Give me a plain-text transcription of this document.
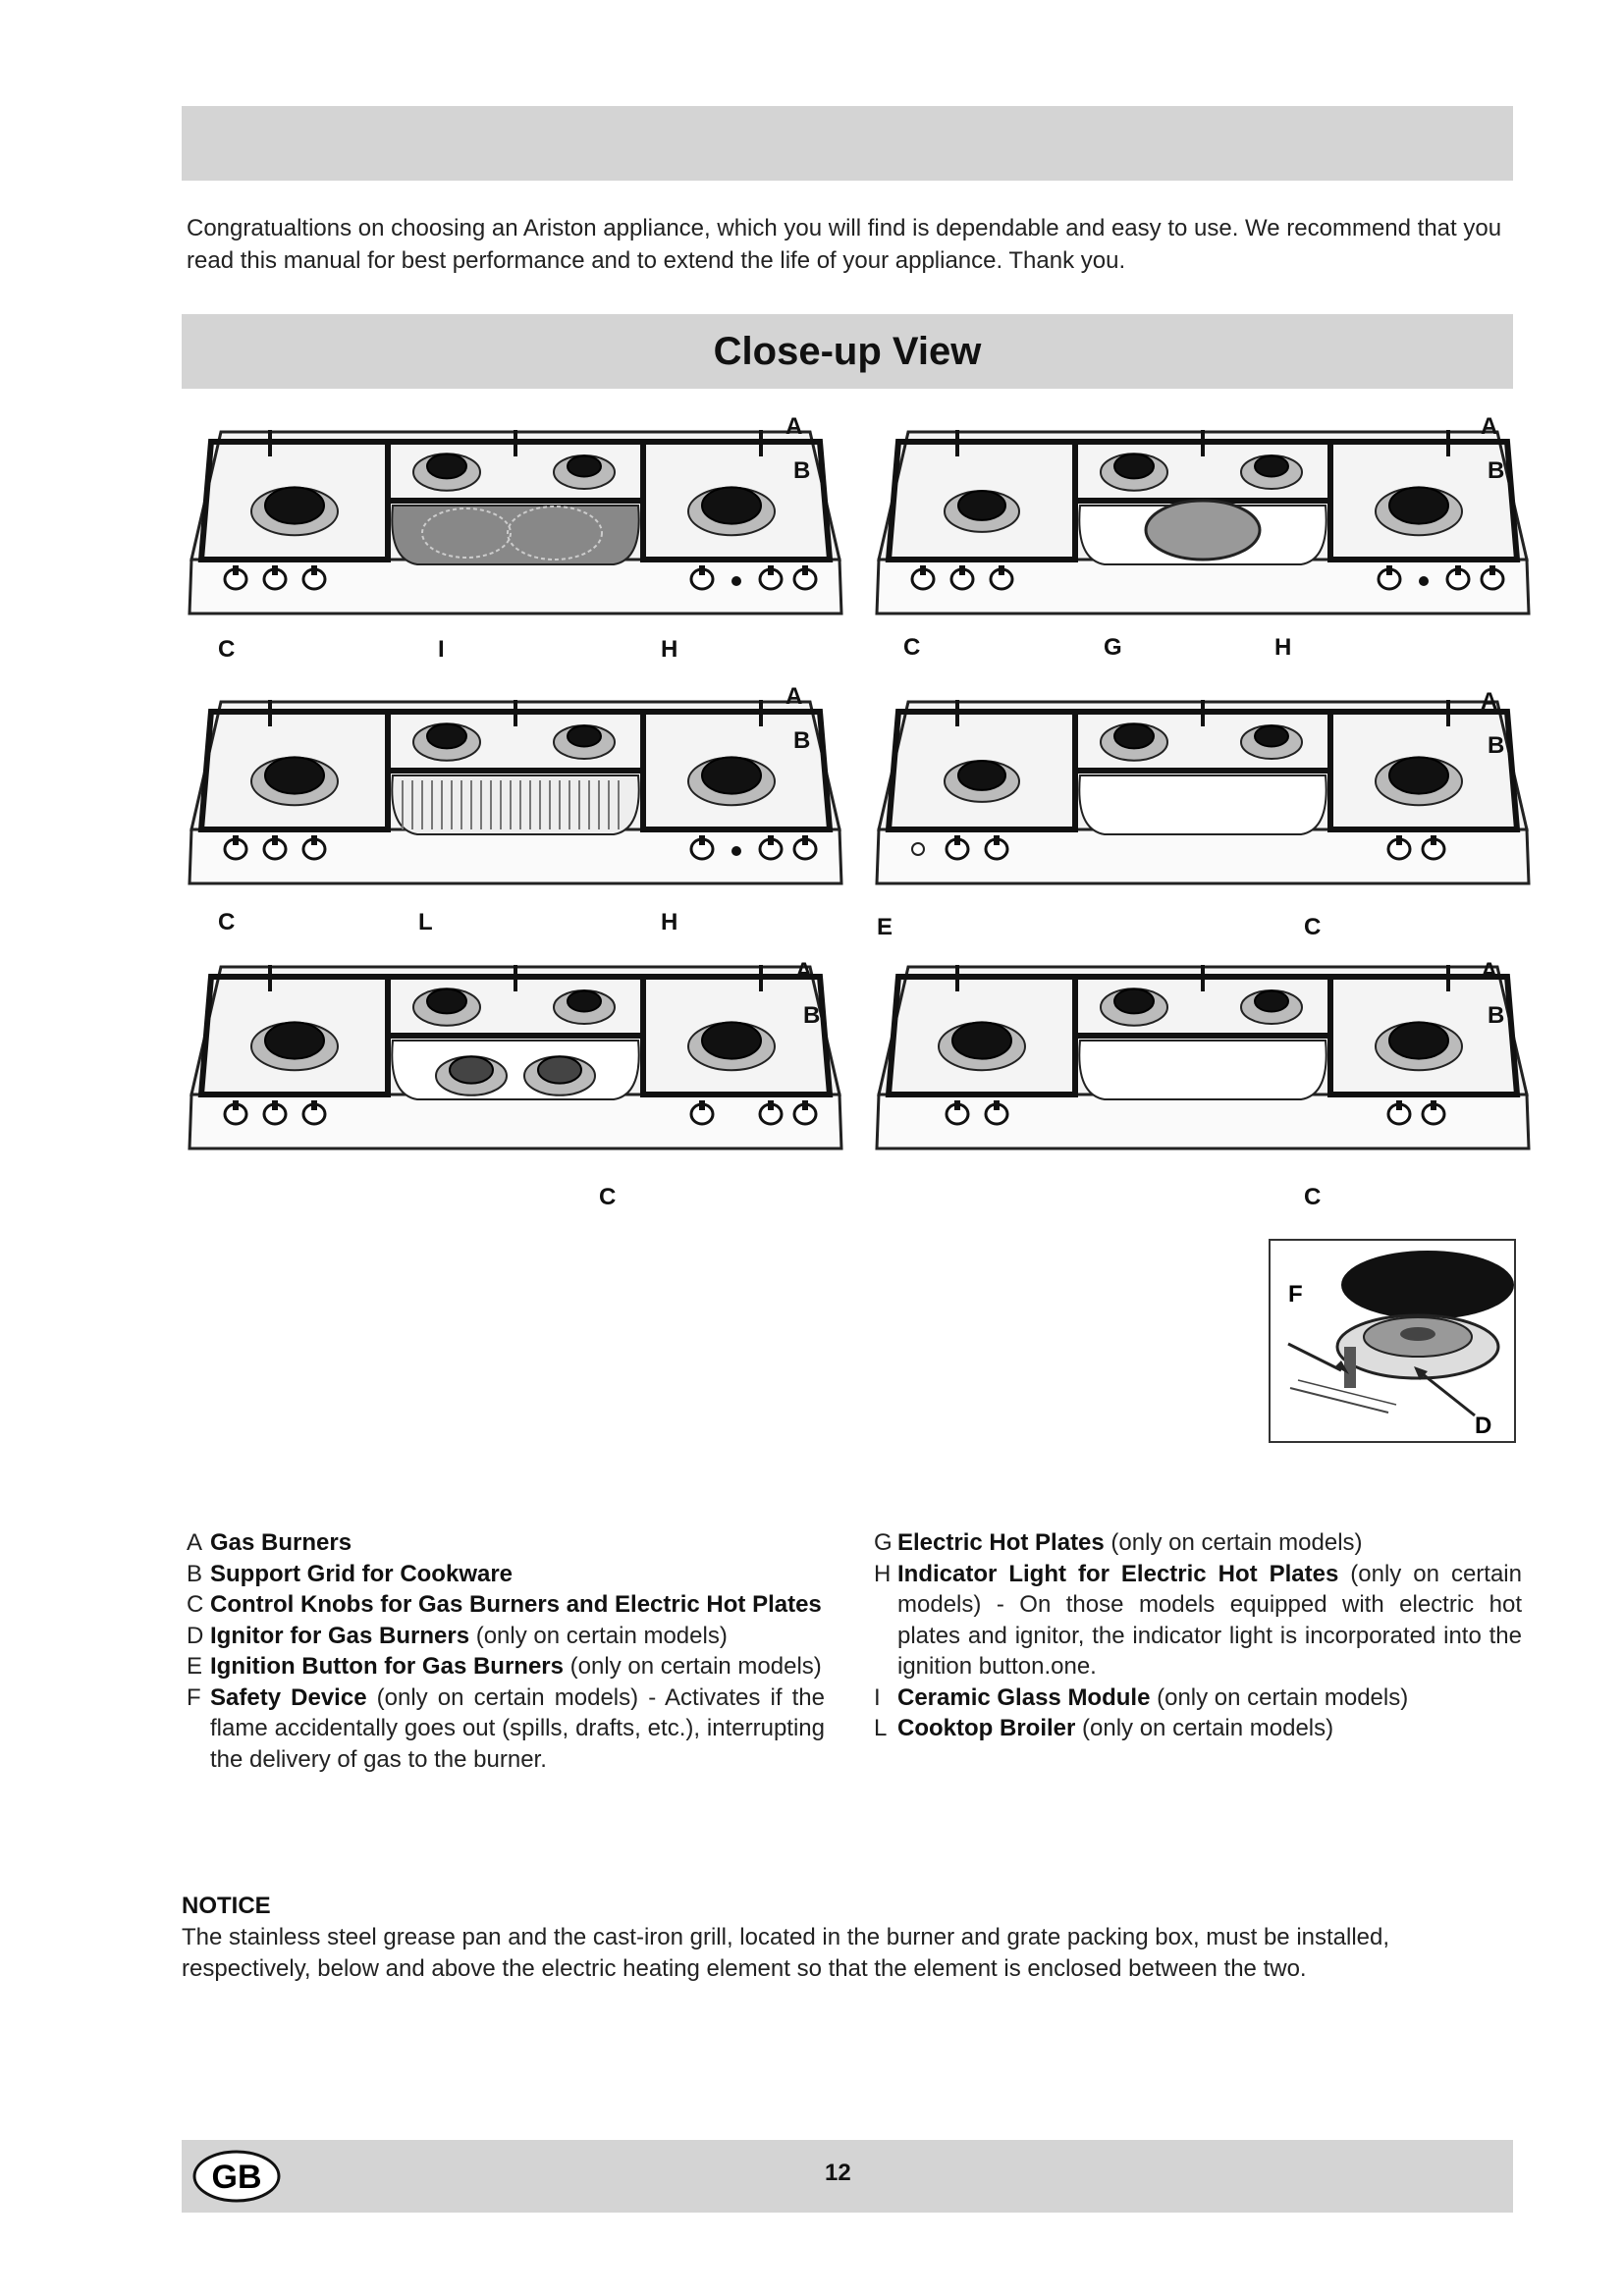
Congratualtions on choosing an Ariston appliance, which you will find is dependable and easy to use. We recommend that you read this manual for best performance and to extend the life of your appliance. Thank you.
Close-up View
F
D
A Gas Burners
B Support Grid for Cookware
C Control Knobs for Gas Burners and Electric Hot Plates
D Ignitor for Gas Burners (only on certain models)
E Ignition Button for Gas Burners (only on certain models)
F Safety Device (only on certain models) - Activates if the flame accidentally goes out (spills, drafts, etc.), interrupting the delivery of gas to the burner.
G Electric Hot Plates (only on certain models)
H Indicator Light for Electric Hot Plates (only on certain models) - On those models equipped with electric hot plates and ignitor, the indicator light is incorporated into the ignition button.one.
I Ceramic Glass Module (only on certain models)
L Cooktop Broiler (only on certain models)
NOTICE
The stainless steel grease pan and the cast-iron grill, located in the burner and grate packing box, must be installed, respectively, below and above the electric heating element so that the element is enclosed between the two.
GB	12
A
B
C	I	H
A
B
C	G	H
A
B
C	L	H
A
B
E	C
A
B
C
A
B
C
